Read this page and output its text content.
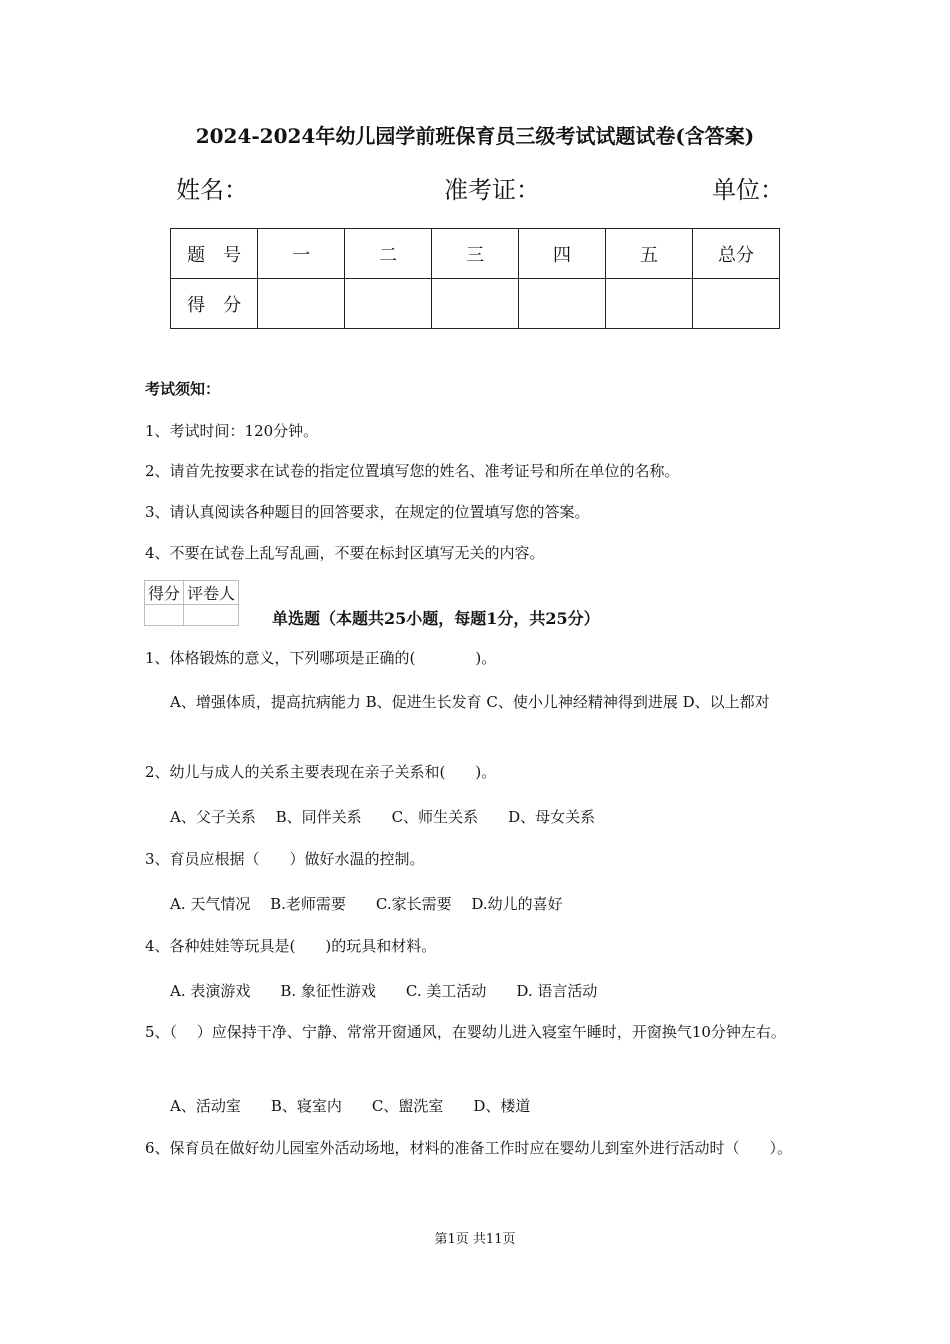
2024-2024年幼儿园学前班保育员三级考试试题试卷(含答案)
姓名：	准考证：	单位：
题　号	一	二	三	四	五	总分
得　分						
考试须知：
1、考试时间：120分钟。
2、请首先按要求在试卷的指定位置填写您的姓名、准考证号和所在单位的名称。
3、请认真阅读各种题目的回答要求，在规定的位置填写您的答案。
4、不要在试卷上乱写乱画，不要在标封区填写无关的内容。
得分	评卷人

单选题（本题共25小题，每题1分，共25分）
1、体格锻炼的意义，下列哪项是正确的(　　　　)。
A、增强体质，提高抗病能力 B、促进生长发育 C、使小儿神经精神得到进展 D、以上都对
2、幼儿与成人的关系主要表现在亲子关系和(　　)。
A、父子关系　 B、同伴关系　　C、师生关系　　D、母女关系
3、育员应根据（　　）做好水温的控制。
A. 天气情况　 B.老师需要　　C.家长需要　 D.幼儿的喜好
4、各种娃娃等玩具是(　　)的玩具和材料。
A. 表演游戏　　B. 象征性游戏　　C. 美工活动　　D. 语言活动
5、（　 ）应保持干净、宁静、常常开窗通风，在婴幼儿进入寝室午睡时，开窗换气10分钟左右。
A、活动室　　B、寝室内　　C、盥洗室　　D、楼道
6、保育员在做好幼儿园室外活动场地，材料的准备工作时应在婴幼儿到室外进行活动时（　　）。
第1页 共11页
